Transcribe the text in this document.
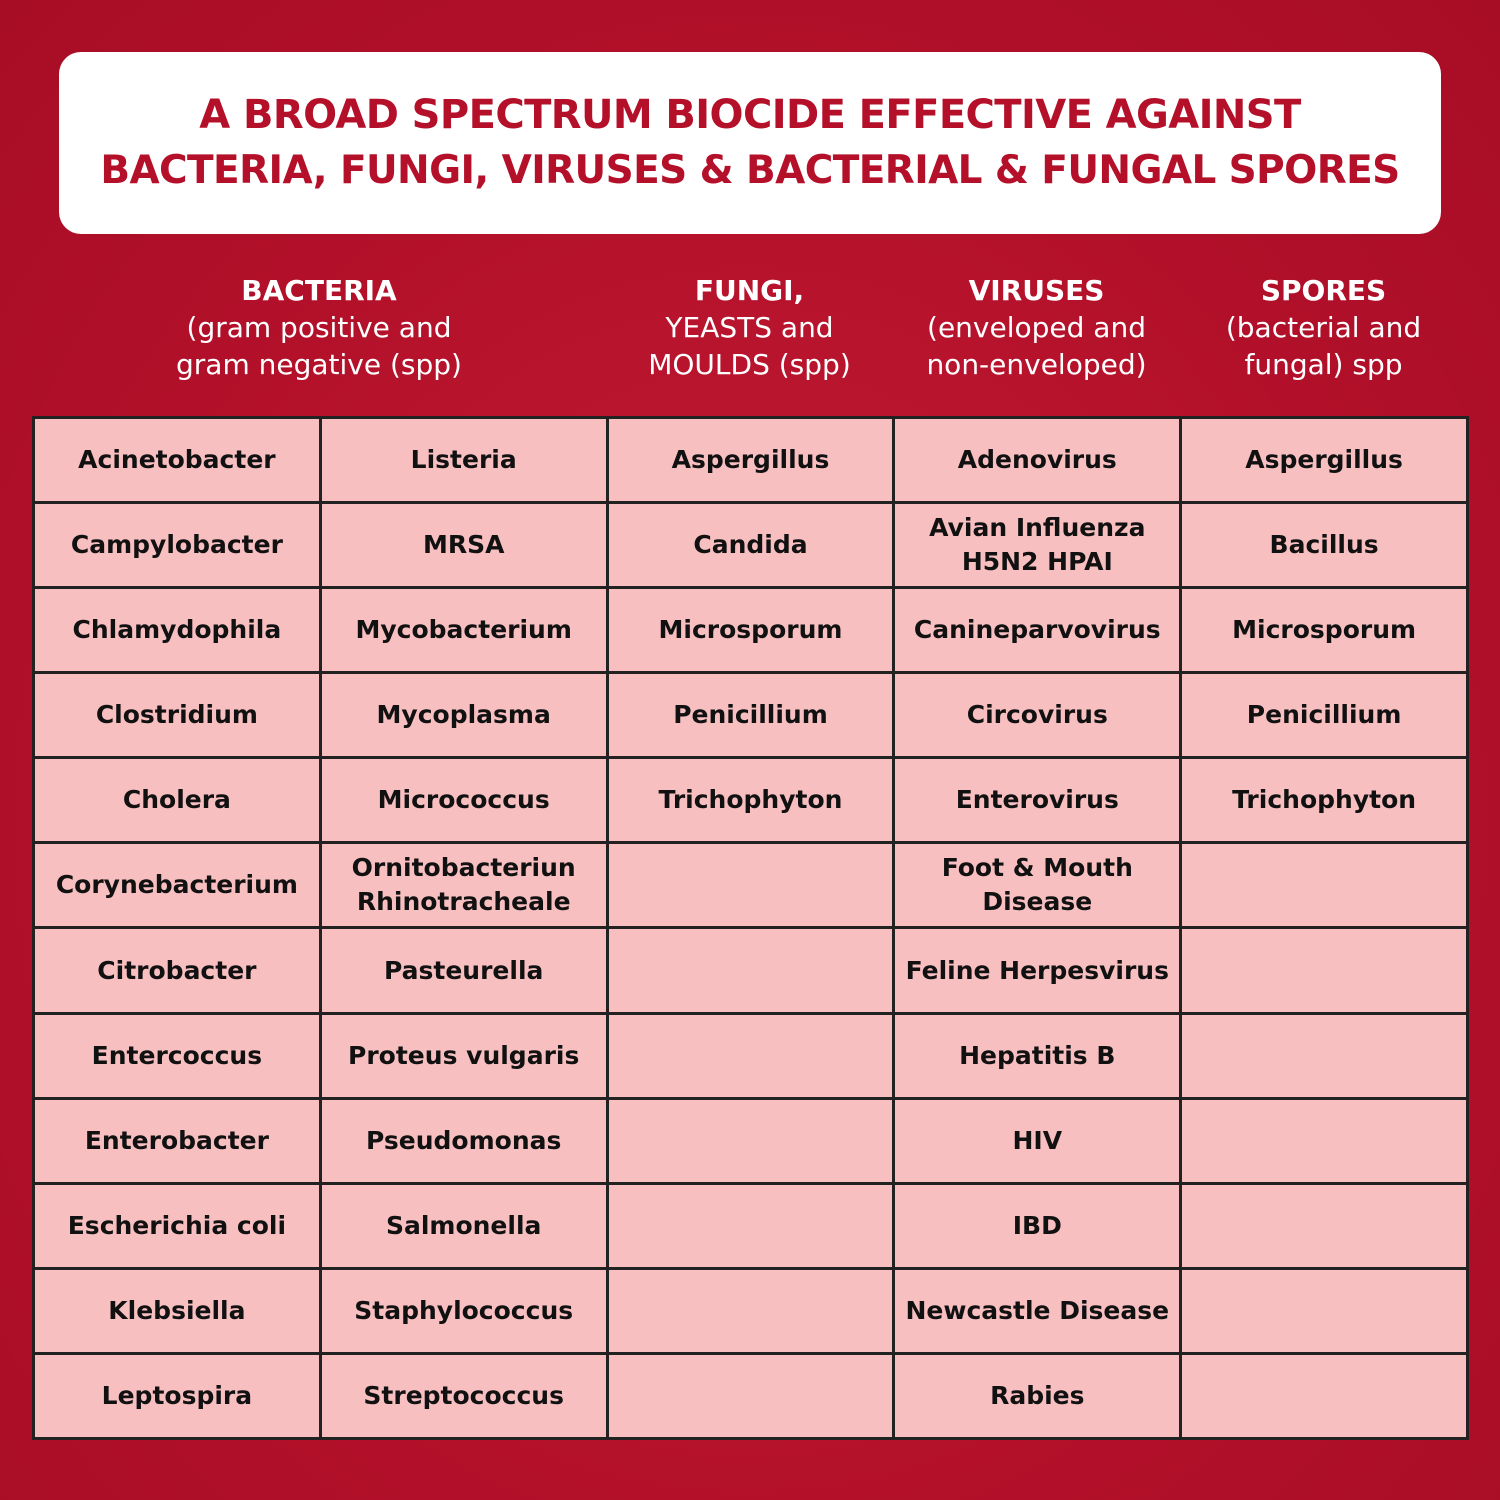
A BROAD SPECTRUM BIOCIDE EFFECTIVE AGAINST
BACTERIA, FUNGI, VIRUSES & BACTERIAL & FUNGAL SPORES
BACTERIA
(gram positive and
gram negative (spp)
FUNGI,
YEASTS and
MOULDS (spp)
VIRUSES
(enveloped and
non-enveloped)
SPORES
(bacterial and
fungal) spp
Acinetobacter	Listeria	Aspergillus	Adenovirus	Aspergillus

Campylobacter	MRSA	Candida	Avian Influenza H5N2 HPAI	Bacillus

Chlamydophila	Mycobacterium	Microsporum	Canineparvovirus	Microsporum

Clostridium	Mycoplasma	Penicillium	Circovirus	Penicillium

Cholera	Micrococcus	Trichophyton	Enterovirus	Trichophyton

Corynebacterium	Ornitobacteriun Rhinotracheale		Foot & Mouth Disease	

Citrobacter	Pasteurella		Feline Herpesvirus	

Entercoccus	Proteus vulgaris		Hepatitis B	

Enterobacter	Pseudomonas		HIV	

Escherichia coli	Salmonella		IBD	

Klebsiella	Staphylococcus		Newcastle Disease	

Leptospira	Streptococcus		Rabies	
